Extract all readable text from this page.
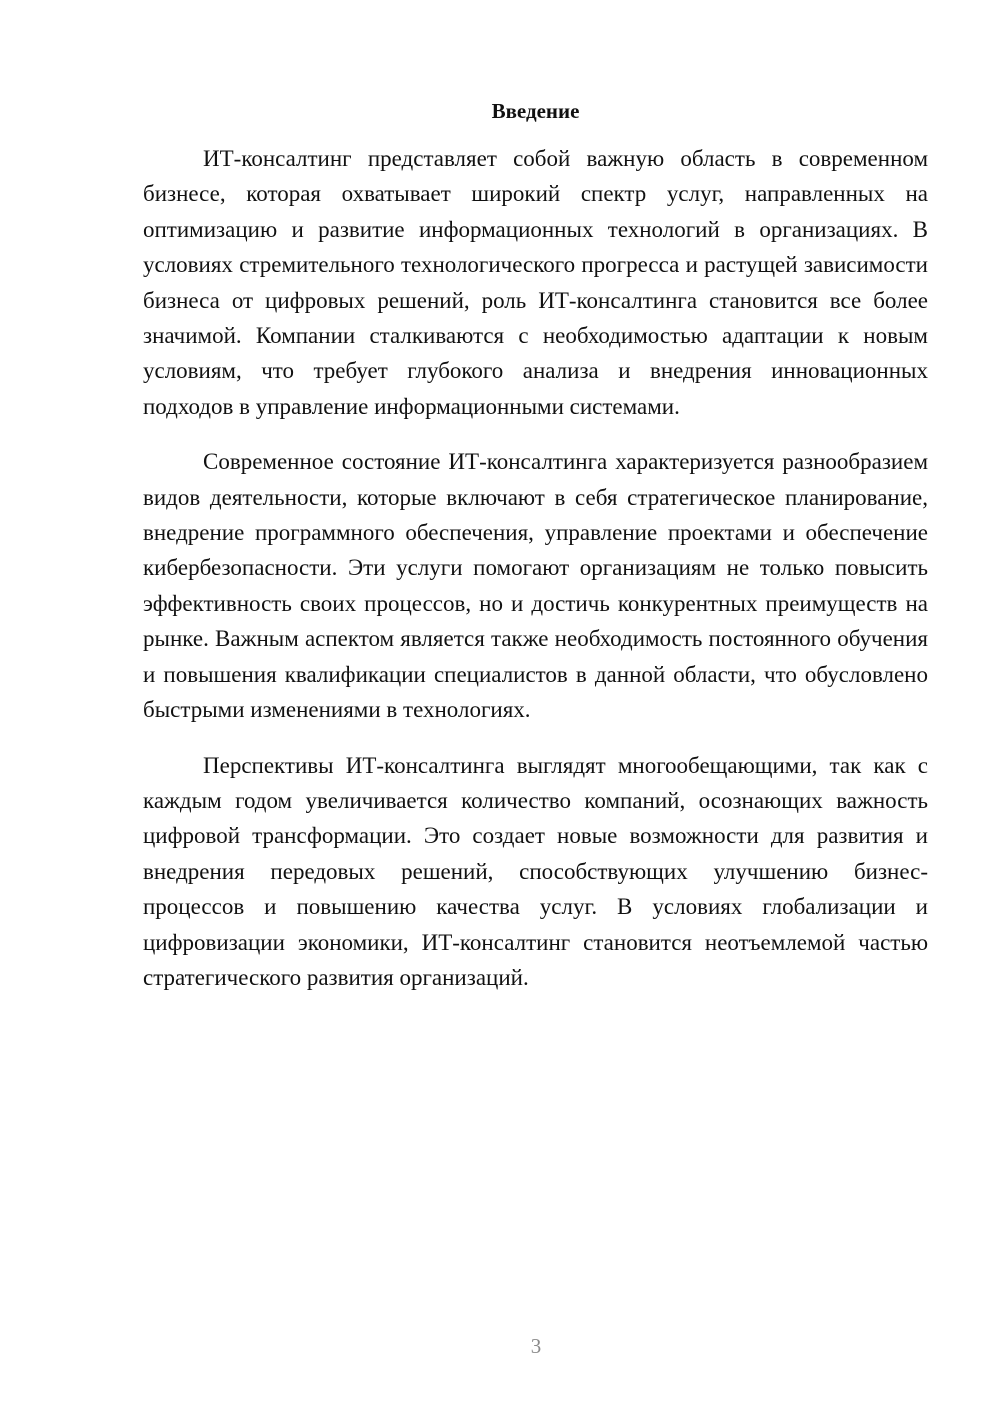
Введение

ИТ-консалтинг представляет собой важную область в современном бизнесе, которая охватывает широкий спектр услуг, направленных на оптимизацию и развитие информационных технологий в организациях. В условиях стремительного технологического прогресса и растущей зависимости бизнеса от цифровых решений, роль ИТ-консалтинга становится все более значимой. Компании сталкиваются с необходимостью адаптации к новым условиям, что требует глубокого анализа и внедрения инновационных подходов в управление информационными системами.

Современное состояние ИТ-консалтинга характеризуется разнообразием видов деятельности, которые включают в себя стратегическое планирование, внедрение программного обеспечения, управление проектами и обеспечение кибербезопасности. Эти услуги помогают организациям не только повысить эффективность своих процессов, но и достичь конкурентных преимуществ на рынке. Важным аспектом является также необходимость постоянного обучения и повышения квалификации специалистов в данной области, что обусловлено быстрыми изменениями в технологиях.

Перспективы ИТ-консалтинга выглядят многообещающими, так как с каждым годом увеличивается количество компаний, осознающих важность цифровой трансформации. Это создает новые возможности для развития и внедрения передовых решений, способствующих улучшению бизнес-процессов и повышению качества услуг. В условиях глобализации и цифровизации экономики, ИТ-консалтинг становится неотъемлемой частью стратегического развития организаций.

3
